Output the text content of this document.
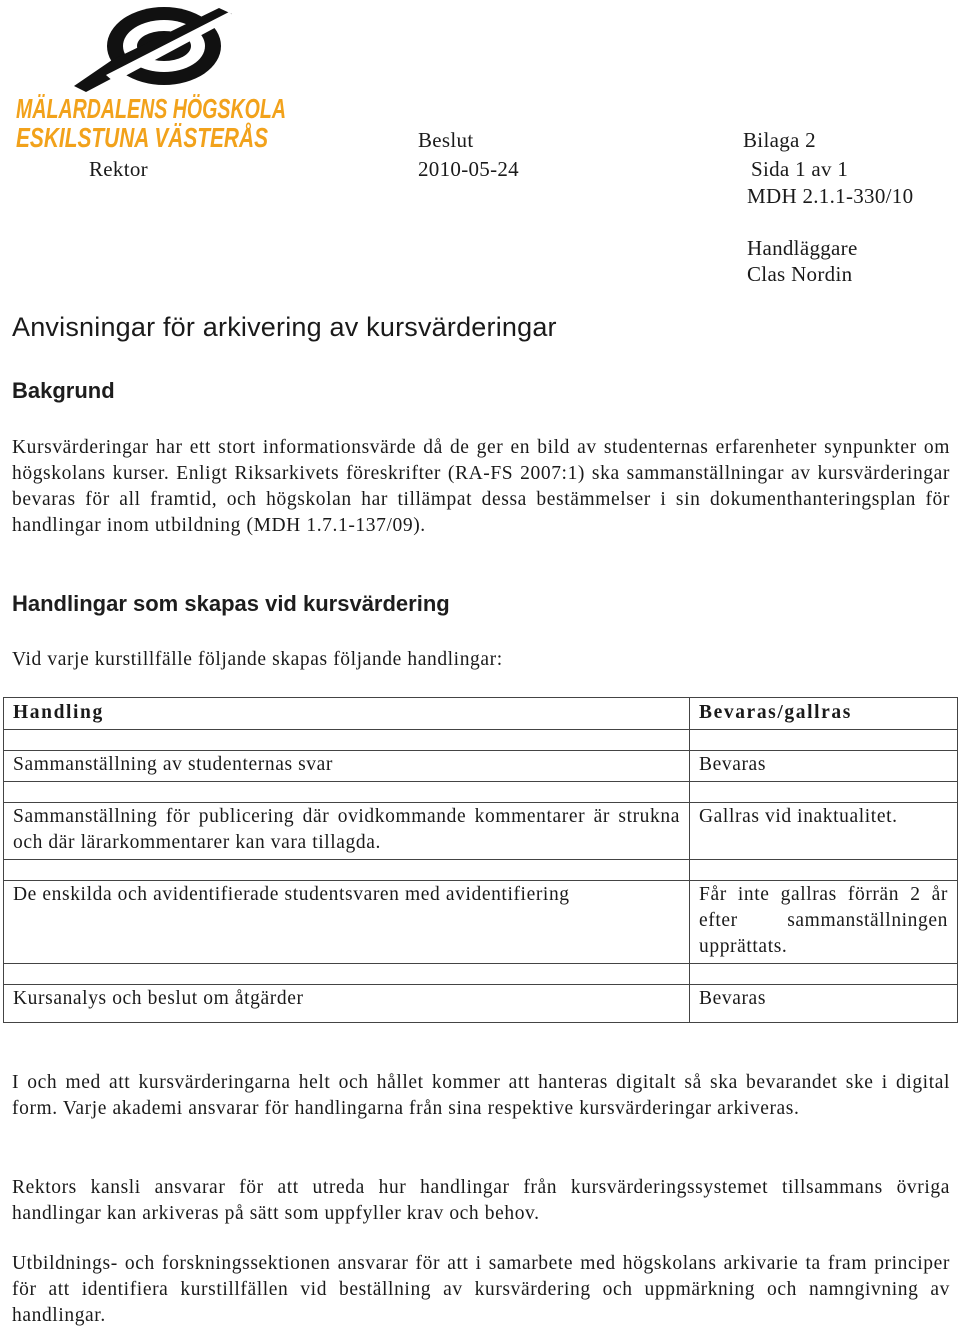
MÄLARDALENS HÖGSKOLA
ESKILSTUNA VÄSTERÅS	Beslut	Bilaga 2
Rektor	2010-05-24	Sida 1 av 1
MDH 2.1.1-330/10
Handläggare
Clas Nordin
Anvisningar för arkivering av kursvärderingar
Bakgrund

Kursvärderingar har ett stort informationsvärde då de ger en bild av studenternas erfarenheter synpunkter om högskolans kurser. Enligt Riksarkivets föreskrifter (RA-FS 2007:1) ska sammanställningar av kursvärderingar bevaras för all framtid, och högskolan har tillämpat dessa bestämmelser i sin dokumenthanteringsplan för handlingar inom utbildning (MDH 1.7.1-137/09).

Handlingar som skapas vid kursvärdering

Vid varje kurstillfälle följande skapas följande handlingar:

Handling	Bevaras/gallras

Sammanställning av studenternas svar	Bevaras

Sammanställning för publicering där ovidkommande kommentarer är strukna och där lärarkommentarer kan vara tillagda.	Gallras vid inaktualitet.

De enskilda och avidentifierade studentsvaren med avidentifiering	Får inte gallras förrän 2 år efter sammanställningen upprättats.

Kursanalys och beslut om åtgärder	Bevaras

I och med att kursvärderingarna helt och hållet kommer att hanteras digitalt så ska bevarandet ske i digital form. Varje akademi ansvarar för handlingarna från sina respektive kursvärderingar arkiveras.

Rektors kansli ansvarar för att utreda hur handlingar från kursvärderingssystemet tillsammans övriga handlingar kan arkiveras på sätt som uppfyller krav och behov.

Utbildnings- och forskningssektionen ansvarar för att i samarbete med högskolans arkivarie ta fram principer för att identifiera kurstillfällen vid beställning av kursvärdering och uppmärkning och namngivning av handlingar.
